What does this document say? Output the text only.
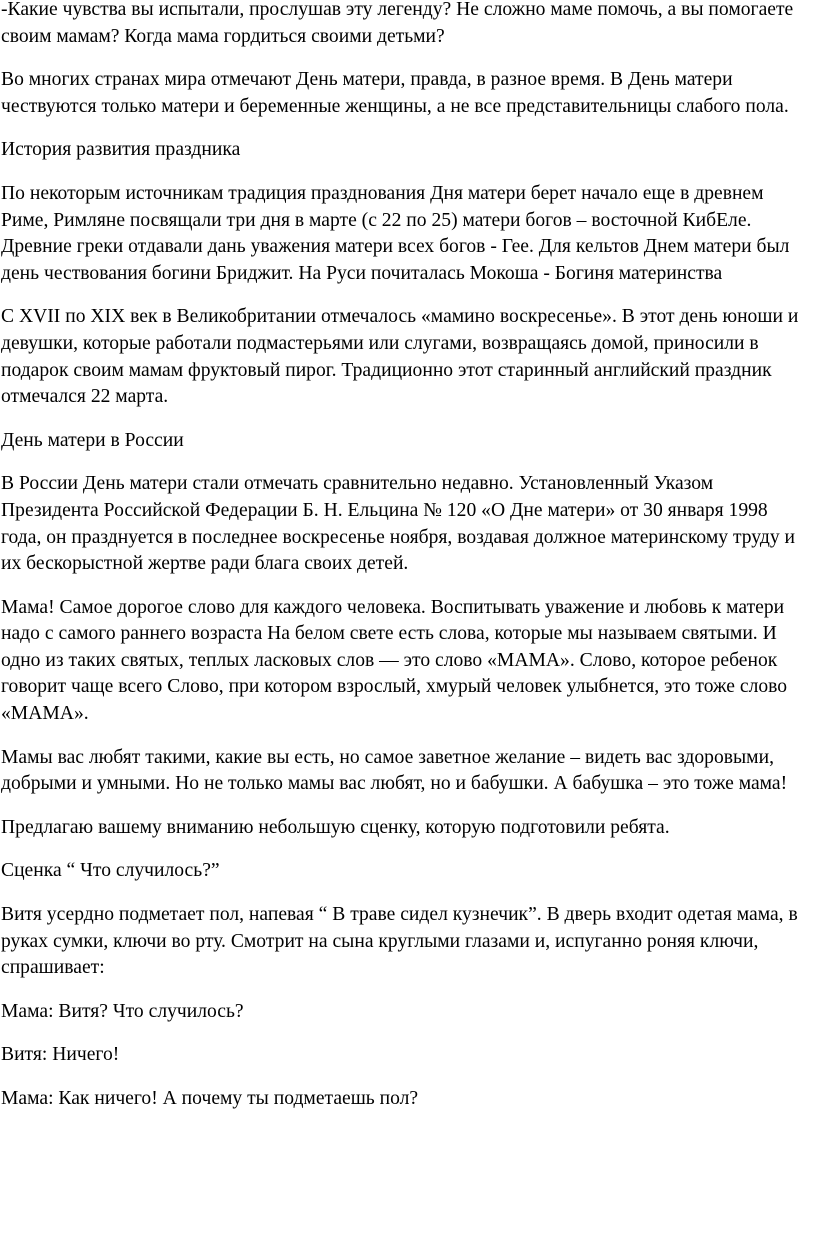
-Какие чувства вы испытали, прослушав эту легенду? Не сложно маме помочь, а вы помогаете своим мамам? Когда мама гордиться своими детьми?

Во многих странах мира отмечают День матери, правда, в разное время. В День матери чествуются только матери и беременные женщины, а не все представительницы слабого пола.

История развития праздника

По некоторым источникам традиция празднования Дня матери берет начало еще в древнем Риме, Римляне посвящали три дня в марте (с 22 по 25) матери богов – восточной КибЕле. Древние греки отдавали дань уважения матери всех богов - Гее. Для кельтов Днем матери был день чествования богини Бриджит. На Руси почиталась Мокоша - Богиня материнства

С XVII по XIX век в Великобритании отмечалось «мамино воскресенье». В этот день юноши и девушки, которые работали подмастерьями или слугами, возвращаясь домой, приносили в подарок своим мамам фруктовый пирог. Традиционно этот старинный английский праздник отмечался 22 марта.

День матери в России

В России День матери стали отмечать сравнительно недавно. Установленный Указом Президента Российской Федерации Б. Н. Ельцина № 120 «О Дне матери» от 30 января 1998 года, он празднуется в последнее воскресенье ноября, воздавая должное материнскому труду и их бескорыстной жертве ради блага своих детей.

Мама! Самое дорогое слово для каждого человека. Воспитывать уважение и любовь к матери надо с самого раннего возраста На белом свете есть слова, которые мы называем святыми. И одно из таких святых, теплых ласковых слов — это слово «МАМА». Слово, которое ребенок говорит чаще всего Слово, при котором взрослый, хмурый человек улыбнется, это тоже слово «МАМА».

Мамы вас любят такими, какие вы есть, но самое заветное желание – видеть вас здоровыми, добрыми и умными. Но не только мамы вас любят, но и бабушки. А бабушка – это тоже мама!

Предлагаю вашему вниманию небольшую сценку, которую подготовили ребята.

Сценка “ Что случилось?”

Витя усердно подметает пол, напевая “ В траве сидел кузнечик”. В дверь входит одетая мама, в руках сумки, ключи во рту. Смотрит на сына круглыми глазами и, испуганно роняя ключи, спрашивает:

Мама: Витя? Что случилось?

Витя: Ничего!

Мама: Как ничего! А почему ты подметаешь пол?
